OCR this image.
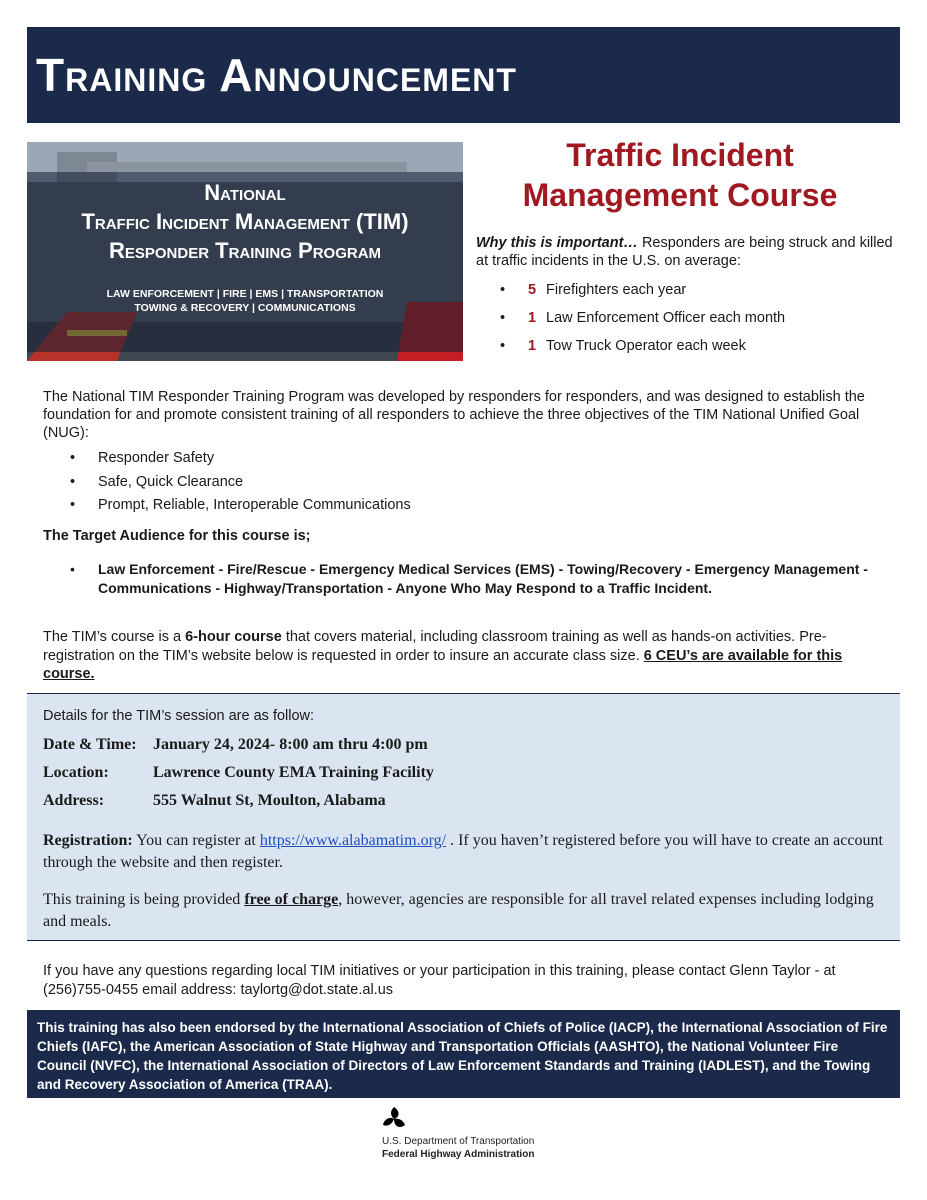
Training Announcement
National
Traffic Incident Management (TIM)
Responder Training Program
LAW ENFORCEMENT | FIRE | EMS | TRANSPORTATION
TOWING & RECOVERY | COMMUNICATIONS
Traffic Incident
Management Course
Why this is important… Responders are being struck and killed at traffic incidents in the U.S. on average:
• 5 Firefighters each year
• 1 Law Enforcement Officer each month
• 1 Tow Truck Operator each week
The National TIM Responder Training Program was developed by responders for responders, and was designed to establish the foundation for and promote consistent training of all responders to achieve the three objectives of the TIM National Unified Goal (NUG):
• Responder Safety
• Safe, Quick Clearance
• Prompt, Reliable, Interoperable Communications
The Target Audience for this course is;
• Law Enforcement - Fire/Rescue - Emergency Medical Services (EMS) - Towing/Recovery - Emergency Management - Communications - Highway/Transportation - Anyone Who May Respond to a Traffic Incident.
The TIM’s course is a 6-hour course that covers material, including classroom training as well as hands-on activities. Pre-registration on the TIM’s website below is requested in order to insure an accurate class size. 6 CEU’s are available for this course.
Details for the TIM’s session are as follow:
Date & Time: January 24, 2024- 8:00 am thru 4:00 pm
Location:	Lawrence County EMA Training Facility
Address:	555 Walnut St, Moulton, Alabama
Registration: You can register at https://www.alabamatim.org/ . If you haven’t registered before you will have to create an account through the website and then register.
This training is being provided free of charge, however, agencies are responsible for all travel related expenses including lodging and meals.
If you have any questions regarding local TIM initiatives or your participation in this training, please contact Glenn Taylor - at (256)755-0455 email address: taylortg@dot.state.al.us
This training has also been endorsed by the International Association of Chiefs of Police (IACP), the International Association of Fire Chiefs (IAFC), the American Association of State Highway and Transportation Officials (AASHTO), the National Volunteer Fire Council (NVFC), the International Association of Directors of Law Enforcement Standards and Training (IADLEST), and the Towing and Recovery Association of America (TRAA).
U.S. Department of Transportation
Federal Highway Administration
